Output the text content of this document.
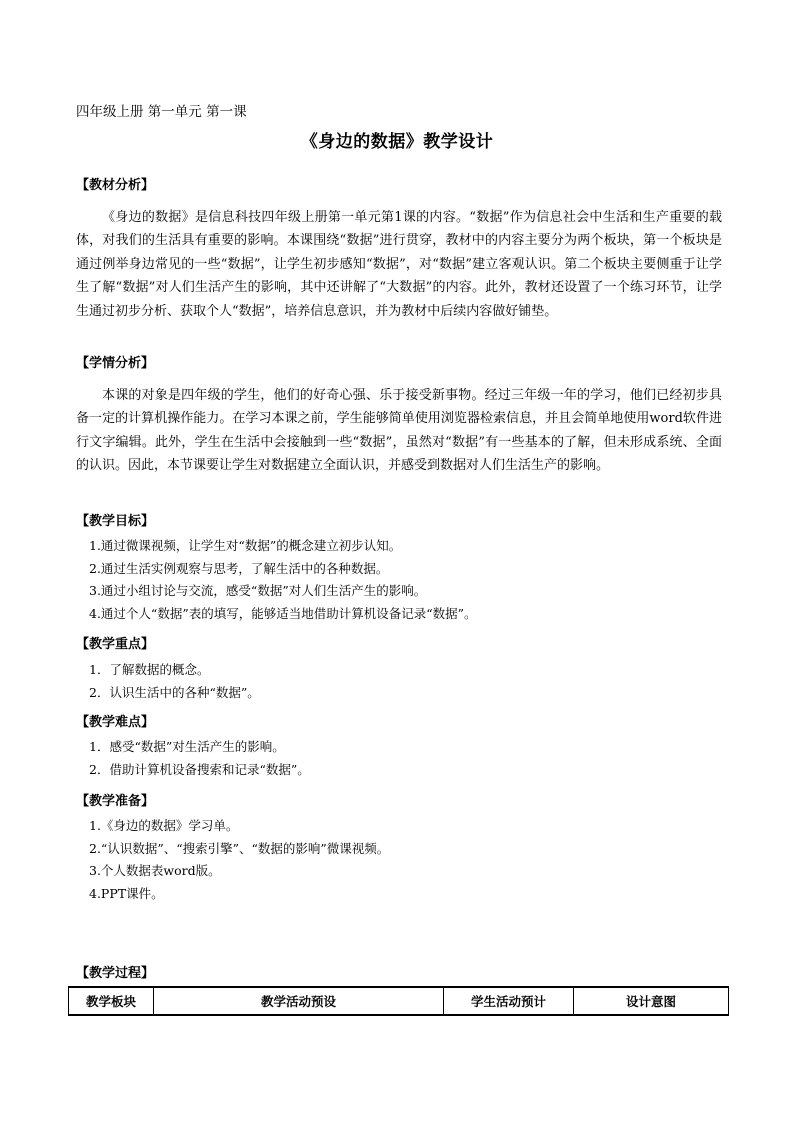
四年级上册 第一单元 第一课
《身边的数据》教学设计
【教材分析】

《身边的数据》是信息科技四年级上册第一单元第1课的内容。“数据”作为信息社会中生活和生产重要的载体，对我们的生活具有重要的影响。本课围绕“数据”进行贯穿，教材中的内容主要分为两个板块，第一个板块是通过例举身边常见的一些“数据”，让学生初步感知“数据”，对“数据”建立客观认识。第二个板块主要侧重于让学生了解“数据”对人们生活产生的影响，其中还讲解了“大数据”的内容。此外，教材还设置了一个练习环节，让学生通过初步分析、获取个人“数据”，培养信息意识，并为教材中后续内容做好铺垫。

【学情分析】

本课的对象是四年级的学生，他们的好奇心强、乐于接受新事物。经过三年级一年的学习，他们已经初步具备一定的计算机操作能力。在学习本课之前，学生能够简单使用浏览器检索信息，并且会简单地使用word软件进行文字编辑。此外，学生在生活中会接触到一些“数据”，虽然对“数据”有一些基本的了解，但未形成系统、全面的认识。因此，本节课要让学生对数据建立全面认识，并感受到数据对人们生活生产的影响。

【教学目标】
1.通过微课视频，让学生对“数据”的概念建立初步认知。
2.通过生活实例观察与思考，了解生活中的各种数据。
3.通过小组讨论与交流，感受“数据”对人们生活产生的影响。
4.通过个人“数据”表的填写，能够适当地借助计算机设备记录“数据”。
【教学重点】
1．了解数据的概念。
2．认识生活中的各种“数据”。
【教学难点】
1．感受“数据”对生活产生的影响。
2．借助计算机设备搜索和记录“数据”。
【教学准备】
1.《身边的数据》学习单。
2.“认识数据”、“搜索引擎”、“数据的影响”微课视频。
3.个人数据表word版。
4.PPT课件。
【教学过程】
教学板块	教学活动预设	学生活动预计	设计意图
